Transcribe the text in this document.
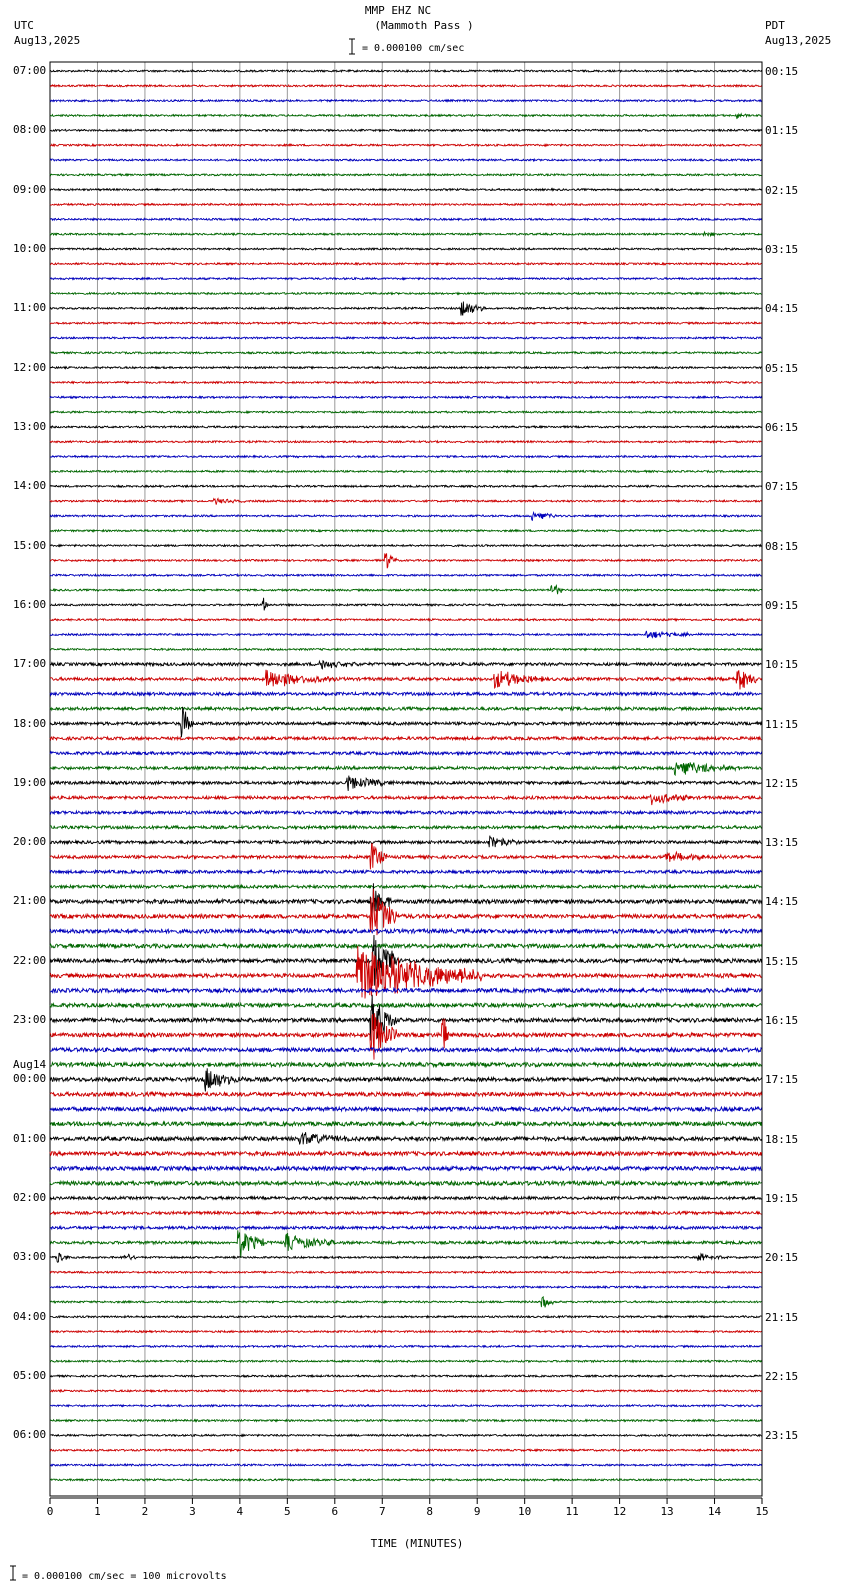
MMP EHZ NC
(Mammoth Pass )
= 0.000100 cm/sec
UTC
Aug13,2025
PDT
Aug13,2025
07:00
08:00
09:00
10:00
11:00
12:00
13:00
14:00
15:00
16:00
17:00
18:00
19:00
20:00
21:00
22:00
23:00
00:00
Aug14
01:00
02:00
03:00
04:00
05:00
06:00
00:15
01:15
02:15
03:15
04:15
05:15
06:15
07:15
08:15
09:15
10:15
11:15
12:15
13:15
14:15
15:15
16:15
17:15
18:15
19:15
20:15
21:15
22:15
23:15
0	1	2	3	4	5	6	7	8	9	10	11	12	13	14	15
TIME (MINUTES)
= 0.000100 cm/sec = 100 microvolts
